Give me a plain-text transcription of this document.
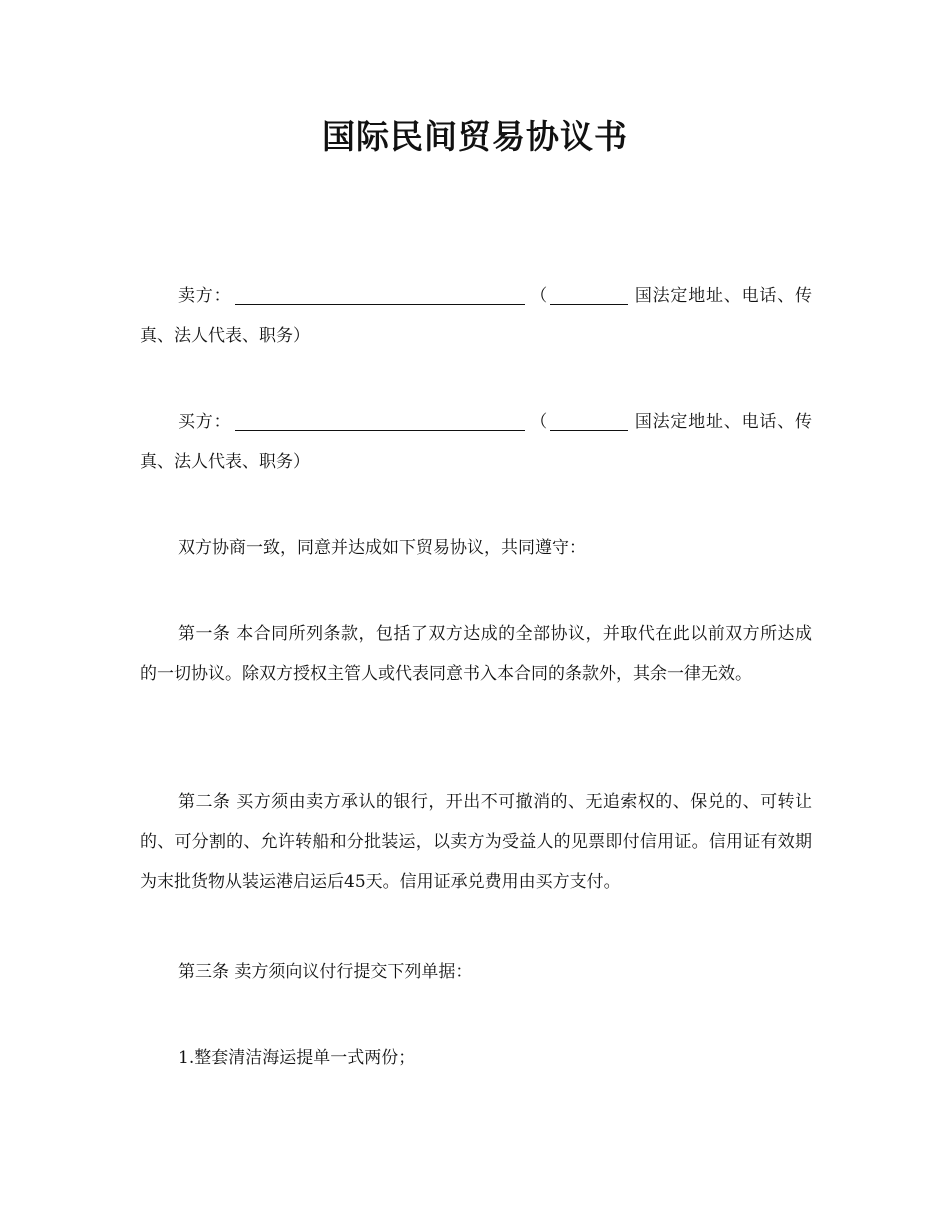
国际民间贸易协议书

卖方：	（	国法定地址、电话、传真、法人代表、职务）

买方：	（	国法定地址、电话、传真、法人代表、职务）

双方协商一致，同意并达成如下贸易协议，共同遵守：

第一条 本合同所列条款，包括了双方达成的全部协议，并取代在此以前双方所达成的一切协议。除双方授权主管人或代表同意书入本合同的条款外，其余一律无效。

第二条 买方须由卖方承认的银行，开出不可撤消的、无追索权的、保兑的、可转让的、可分割的、允许转船和分批装运，以卖方为受益人的见票即付信用证。信用证有效期为末批货物从装运港启运后45天。信用证承兑费用由买方支付。

第三条 卖方须向议付行提交下列单据：

1.整套清洁海运提单一式两份；
